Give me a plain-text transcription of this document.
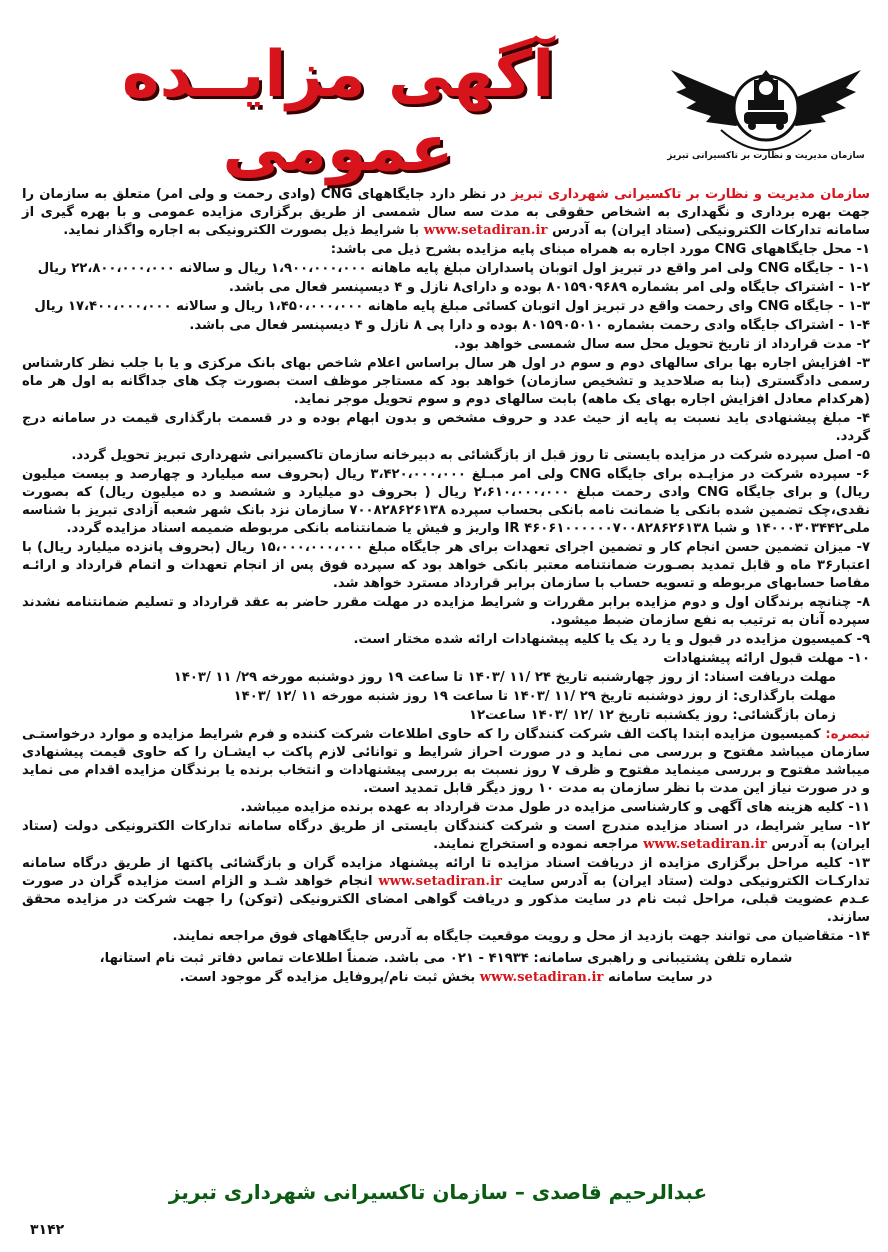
سازمان مدیریت و نظارت بر تاکسیرانی تبریز
آگهی مزایــده عمومی

سازمان مدیریت و نظارت بر تاکسیرانی شهرداری تبریز در نظر دارد جایگاههای CNG (وادی رحمت و ولی امر) متعلق به سازمان را جهت بهره برداری و نگهداری به اشخاص حقوقی به مدت سه سال شمسی از طریق برگزاری مزایده عمومی و با بهره گیری از سامانه تدارکات الکترونیکی (ستاد ایران) به آدرس www.setadiran.ir با شرایط ذیل بصورت الکترونیکی به اجاره واگذار نماید.

۱- محل جایگاههای CNG مورد اجاره به همراه مبنای پایه مزایده بشرح ذیل می باشد:

۱-۱ - جایگاه CNG ولی امر واقع در تبریز اول اتوبان پاسداران مبلغ پایه ماهانه ۱،۹۰۰،۰۰۰،۰۰۰ ریال و سالانه ۲۲،۸۰۰،۰۰۰،۰۰۰ ریال

۱-۲ - اشتراک جایگاه ولی امر بشماره ۸۰۱۵۹۰۹۶۸۹ بوده و دارای۸ نازل و ۴ دیسپنسر فعال می باشد.

۱-۳ - جایگاه CNG وای رحمت واقع در تبریز اول اتوبان کسائی مبلغ پایه ماهانه ۱،۴۵۰،۰۰۰،۰۰۰ ریال و سالانه ۱۷،۴۰۰،۰۰۰،۰۰۰ ریال

۱-۴ - اشتراک جایگاه وادی رحمت بشماره ۸۰۱۵۹۰۵۰۱۰ بوده و دارا پی ۸ نازل و ۴ دیسپنسر فعال می باشد.

۲- مدت قرارداد از تاریخ تحویل محل سه سال شمسی خواهد بود.

۳- افزایش اجاره بها برای سالهای دوم و سوم در اول هر سال براساس اعلام شاخص بهای بانک مرکزی و یا با جلب نظر کارشناس رسمی دادگستری (بنا به صلاحدید و تشخیص سازمان) خواهد بود که مستاجر موظف است بصورت چک های جداگانه به اول هر ماه (هرکدام معادل افزایش اجاره بهای یک ماهه) بابت سالهای دوم و سوم تحویل موجر نماید.

۴- مبلغ پیشنهادی باید نسبت به پایه از حیث عدد و حروف مشخص و بدون ابهام بوده و در قسمت بارگذاری قیمت در سامانه درج گردد.

۵- اصل سپرده شرکت در مزایده بایستی تا روز قبل از بازگشائی به دبیرخانه سازمان تاکسیرانی شهرداری تبریز تحویل گردد.

۶- سپرده شرکت در مزایـده برای جایگاه CNG ولی امر مبـلغ ۳،۴۲۰،۰۰۰،۰۰۰ ریال (بحروف سه میلیارد و چهارصد و بیست میلیون ریال) و برای جایگاه CNG وادی رحمت مبلغ ۲،۶۱۰،۰۰۰،۰۰۰ ریال ( بحروف دو میلیارد و ششصد و ده میلیون ریال) که بصورت نقدی،چک تضمین شده بانکی یا ضمانت نامه بانکی بحساب سپرده ۷۰۰۸۲۸۶۲۶۱۳۸ سازمان نزد بانک شهر شعبه آزادی تبریز با شناسه ملی۱۴۰۰۰۳۰۳۴۴۲ و شبا IR ۴۶۰۶۱۰۰۰۰۰۰۷۰۰۸۲۸۶۲۶۱۳۸ واریز و فیش یا ضمانتنامه بانکی مربوطه ضمیمه اسناد مزایده گردد.

۷- میزان تضمین حسن انجام کار و تضمین اجرای تعهدات برای هر جایگاه مبلغ ۱۵،۰۰۰،۰۰۰،۰۰۰ ریال (بحروف پانزده میلیارد ریال) با اعتبار۳۶ ماه و قابل تمدید بصـورت ضمانتنامه معتبر بانکی خواهد بود که سپرده فوق پس از انجام تعهدات و اتمام قرارداد و ارائـه مفاصا حسابهای مربوطه و تسویه حساب با سازمان برابر قرارداد مسترد خواهد شد.

۸- چنانچه برندگان اول و دوم مزایده برابر مقررات و شرایط مزایده در مهلت مقرر حاضر به عقد قرارداد و تسلیم ضمانتنامه نشدند سپرده آنان به ترتیب به نفع سازمان ضبط میشود.

۹- کمیسیون مزایده در قبول و یا رد یک یا کلیه پیشنهادات ارائه شده مختار است.

۱۰- مهلت قبول ارائه پیشنهادات

مهلت دریافت اسناد: از روز چهارشنبه تاریخ ۲۴ /۱۱ /۱۴۰۳ تا ساعت ۱۹ روز دوشنبه مورخه ۲۹/ ۱۱ /۱۴۰۳

مهلت بارگذاری: از روز دوشنبه تاریخ ۲۹ /۱۱ /۱۴۰۳ تا ساعت ۱۹ روز شنبه مورخه ۱۱ /۱۲ /۱۴۰۳

زمان بازگشائی: روز یکشنبه تاریخ ۱۲ /۱۲ /۱۴۰۳ ساعت۱۲

تبصره: کمیسیون مزایده ابتدا پاکت الف شرکت کنندگان را که حاوی اطلاعات شرکت کننده و فرم شرایط مزایده و موارد درخواستـی سازمان میباشد مفتوح و بررسی می نماید و در صورت احراز شرایط و توانائی لازم پاکت ب ایشـان را که حاوی قیمت پیشنهادی میباشد مفتوح و بررسی مینماید مفتوح و ظرف ۷ روز نسبت به بررسی پیشنهادات و انتخاب برنده یا برندگان مزایده اقدام می نماید و در صورت نیاز این مدت با نظر سازمان به مدت ۱۰ روز دیگر قابل تمدید است.

۱۱- کلیه هزینه های آگهی و کارشناسی مزایده در طول مدت قرارداد به عهده برنده مزایده میباشد.

۱۲- سایر شرایط، در اسناد مزایده مندرج است و شرکت کنندگان بایستی از طریق درگاه سامانه تدارکات الکترونیکی دولت (ستاد ایران) به آدرس www.setadiran.ir مراجعه نموده و استخراج نمایند.

۱۳- کلیه مراحل برگزاری مزایده از دریافت اسناد مزایده تا ارائه پیشنهاد مزایده گران و بازگشائی پاکتها از طریق درگاه سامانه تدارکـات الکترونیکی دولت (ستاد ایران) به آدرس سایت www.setadiran.ir انجام خواهد شـد و الزام است مزایده گران در صورت عـدم عضویت قبلی، مراحل ثبت نام در سایت مذکور و دریافت گواهی امضای الکترونیکی (توکن) را جهت شرکت در مزایده محقق سازند.

۱۴- متقاضیان می توانند جهت بازدید از محل و رویت موقعیت جایگاه به آدرس جایگاههای فوق مراجعه نمایند.

شماره تلفن پشتیبانی و راهبری سامانه: ۴۱۹۳۴ - ۰۲۱ می باشد. ضمناً اطلاعات تماس دفاتر ثبت نام استانها،

در سایت سامانه www.setadiran.ir بخش ثبت نام/پروفایل مزایده گر موجود است.

عبدالرحیم قاصدی – سازمان تاکسیرانی شهرداری تبریز
۳۱۴۲
